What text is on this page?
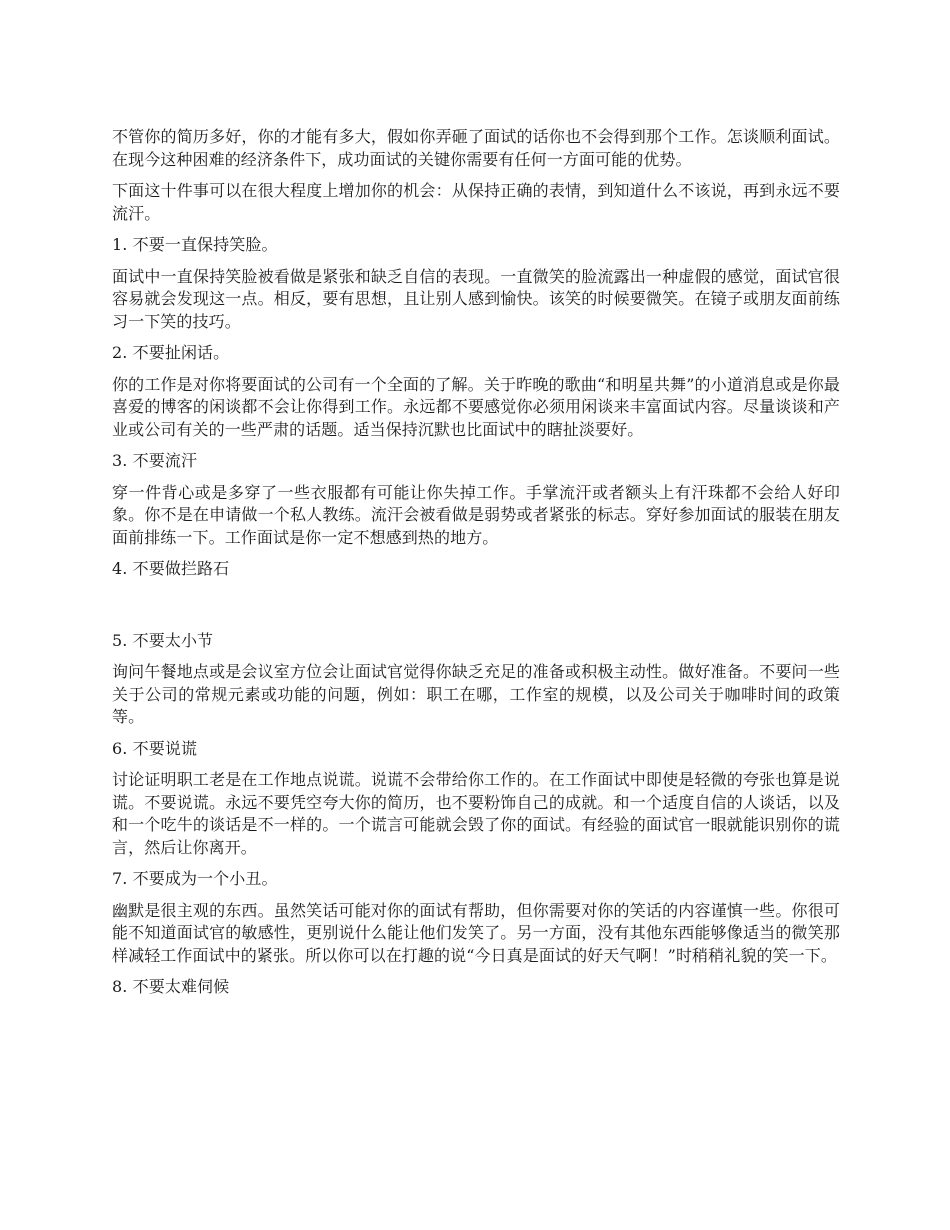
不管你的简历多好，你的才能有多大，假如你弄砸了面试的话你也不会得到那个工作。怎谈顺利面试。在现今这种困难的经济条件下，成功面试的关键你需要有任何一方面可能的优势。

下面这十件事可以在很大程度上增加你的机会：从保持正确的表情，到知道什么不该说，再到永远不要流汗。

1. 不要一直保持笑脸。

面试中一直保持笑脸被看做是紧张和缺乏自信的表现。一直微笑的脸流露出一种虚假的感觉，面试官很容易就会发现这一点。相反，要有思想，且让别人感到愉快。该笑的时候要微笑。在镜子或朋友面前练习一下笑的技巧。

2. 不要扯闲话。

你的工作是对你将要面试的公司有一个全面的了解。关于昨晚的歌曲“和明星共舞”的小道消息或是你最喜爱的博客的闲谈都不会让你得到工作。永远都不要感觉你必须用闲谈来丰富面试内容。尽量谈谈和产业或公司有关的一些严肃的话题。适当保持沉默也比面试中的瞎扯淡要好。

3. 不要流汗

穿一件背心或是多穿了一些衣服都有可能让你失掉工作。手掌流汗或者额头上有汗珠都不会给人好印象。你不是在申请做一个私人教练。流汗会被看做是弱势或者紧张的标志。穿好参加面试的服装在朋友面前排练一下。工作面试是你一定不想感到热的地方。

4. 不要做拦路石

5. 不要太小节

询问午餐地点或是会议室方位会让面试官觉得你缺乏充足的准备或积极主动性。做好准备。不要问一些关于公司的常规元素或功能的问题，例如：职工在哪，工作室的规模，以及公司关于咖啡时间的政策等。

6. 不要说谎

讨论证明职工老是在工作地点说谎。说谎不会带给你工作的。在工作面试中即使是轻微的夸张也算是说谎。不要说谎。永远不要凭空夸大你的简历，也不要粉饰自己的成就。和一个适度自信的人谈话，以及和一个吃牛的谈话是不一样的。一个谎言可能就会毁了你的面试。有经验的面试官一眼就能识别你的谎言，然后让你离开。

7. 不要成为一个小丑。

幽默是很主观的东西。虽然笑话可能对你的面试有帮助，但你需要对你的笑话的内容谨慎一些。你很可能不知道面试官的敏感性，更别说什么能让他们发笑了。另一方面，没有其他东西能够像适当的微笑那样减轻工作面试中的紧张。所以你可以在打趣的说“今日真是面试的好天气啊！”时稍稍礼貌的笑一下。

8. 不要太难伺候
